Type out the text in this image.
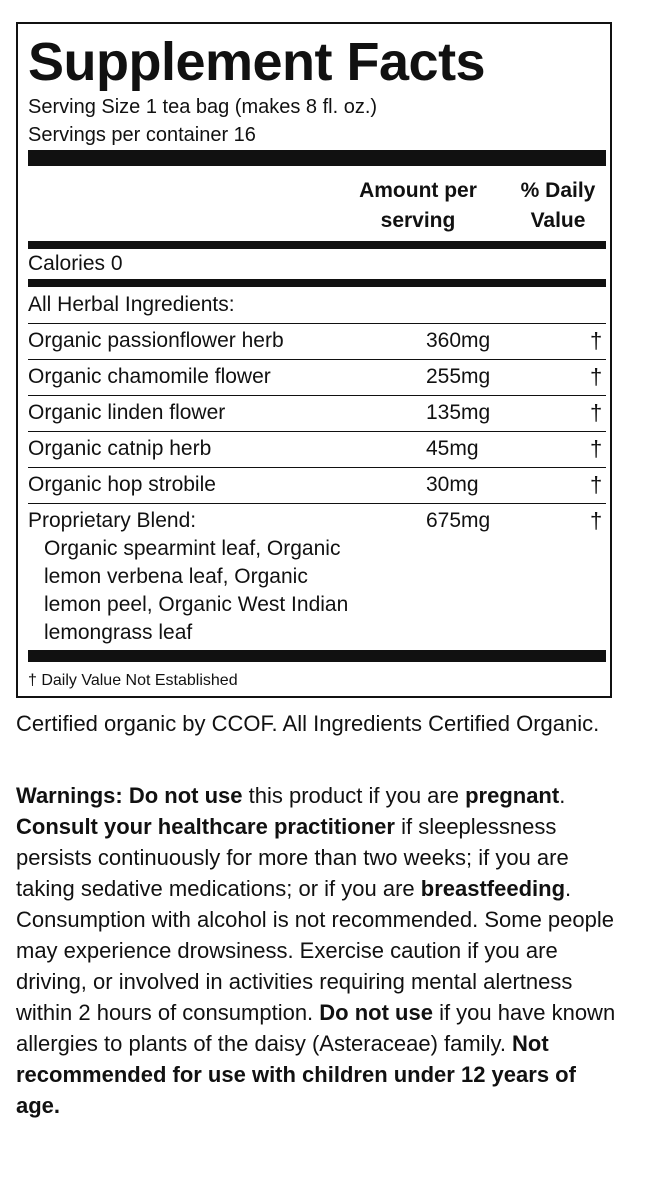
Supplement Facts
Serving Size 1 tea bag (makes 8 fl. oz.)
Servings per container 16
Amount per
serving
% Daily
Value
Calories 0
All Herbal Ingredients:
Organic passionflower herb	360mg	†
Organic chamomile flower	255mg	†
Organic linden flower	135mg	†
Organic catnip herb	45mg	†
Organic hop strobile	30mg	†
Proprietary Blend:	675mg	†
Organic spearmint leaf, Organic
lemon verbena leaf, Organic
lemon peel, Organic West Indian
lemongrass leaf
† Daily Value Not Established
Certified organic by CCOF. All Ingredients Certified Organic.
Warnings: Do not use this product if you are pregnant. Consult your healthcare practitioner if sleeplessness persists continuously for more than two weeks; if you are taking sedative medications; or if you are breastfeeding. Consumption with alcohol is not recommended. Some people may experience drowsiness. Exercise caution if you are driving, or involved in activities requiring mental alertness within 2 hours of consumption. Do not use if you have known allergies to plants of the daisy (Asteraceae) family. Not recommended for use with children under 12 years of age.
